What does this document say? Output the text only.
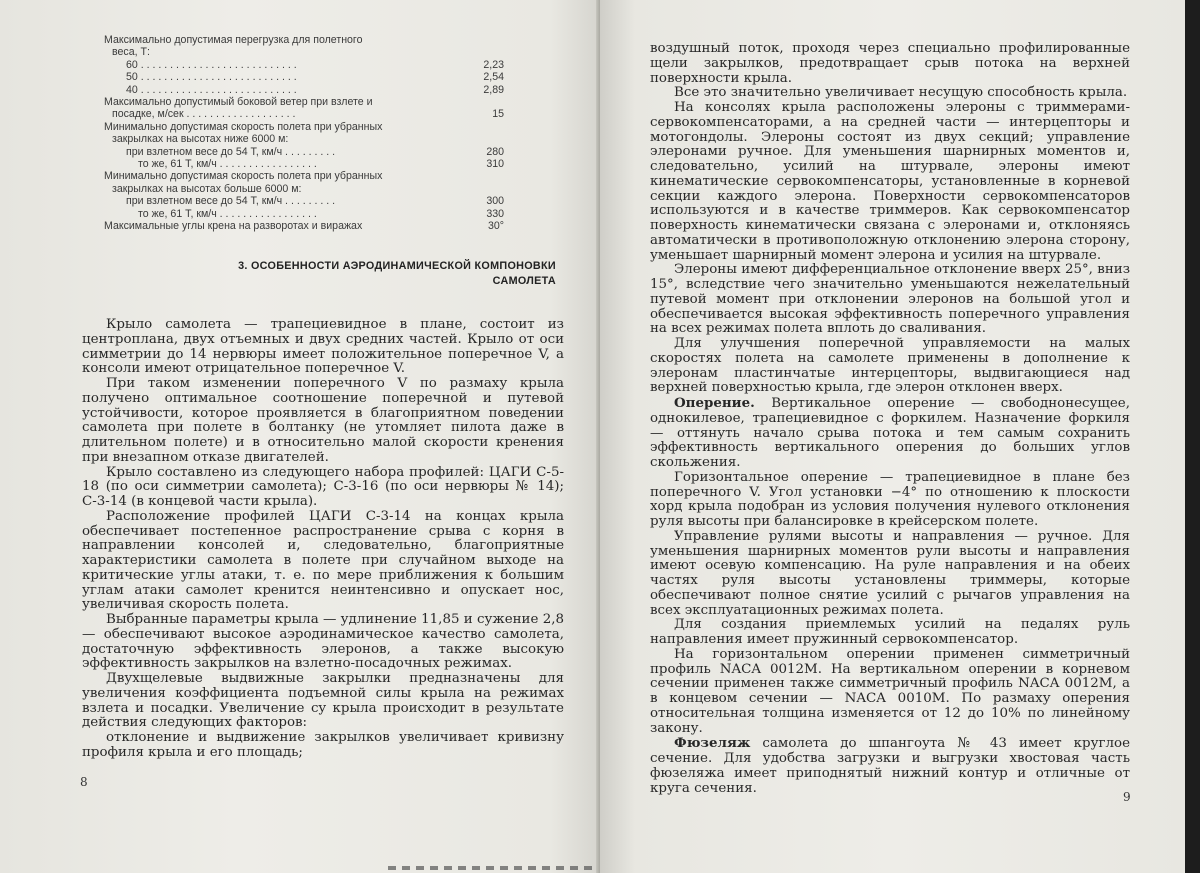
Максимально допустимая перегрузка для полетного
веса, Т:
60 . . . . . . . . . . . . . . . . . . . . . . . . . . .	2,23
50 . . . . . . . . . . . . . . . . . . . . . . . . . . .	2,54
40 . . . . . . . . . . . . . . . . . . . . . . . . . . .	2,89
Максимально допустимый боковой ветер при взлете и
посадке, м/сек . . . . . . . . . . . . . . . . . . .	15
Минимально допустимая скорость полета при убранных
закрылках на высотах ниже 6000 м:
при взлетном весе до 54 Т, км/ч . . . . . . . . .	280
то же, 61 Т, км/ч . . . . . . . . . . . . . . . . .	310
Минимально допустимая скорость полета при убранных
закрылках на высотах больше 6000 м:
при взлетном весе до 54 Т, км/ч . . . . . . . . .	300
то же, 61 Т, км/ч . . . . . . . . . . . . . . . . .	330
Максимальные углы крена на разворотах и виражах	30°
3. ОСОБЕННОСТИ АЭРОДИНАМИЧЕСКОЙ КОМПОНОВКИ
САМОЛЕТА

Крыло самолета — трапециевидное в плане, состоит из центроплана, двух отъемных и двух средних частей. Крыло от оси симметрии до 14 нервюры имеет положительное поперечное V, а консоли имеют отрицательное поперечное V.

При таком изменении поперечного V по размаху крыла получено оптимальное соотношение поперечной и путевой устойчивости, которое проявляется в благоприятном поведении самолета при полете в болтанку (не утомляет пилота даже в длительном полете) и в относительно малой скорости кренения при внезапном отказе двигателей.

Крыло составлено из следующего набора профилей: ЦАГИ С-5-18 (по оси симметрии самолета); С-3-16 (по оси нервюры № 14); С-3-14 (в концевой части крыла).

Расположение профилей ЦАГИ С-3-14 на концах крыла обеспечивает постепенное распространение срыва с корня в направлении консолей и, следовательно, благоприятные характеристики самолета в полете при случайном выходе на критические углы атаки, т. е. по мере приближения к большим углам атаки самолет кренится неинтенсивно и опускает нос, увеличивая скорость полета.

Выбранные параметры крыла — удлинение 11,85 и сужение 2,8 — обеспечивают высокое аэродинамическое качество самолета, достаточную эффективность элеронов, а также высокую эффективность закрылков на взлетно-посадочных режимах.

Двухщелевые выдвижные закрылки предназначены для увеличения коэффициента подъемной силы крыла на режимах взлета и посадки. Увеличение cy крыла происходит в результате действия следующих факторов:

отклонение и выдвижение закрылков увеличивает кривизну профиля крыла и его площадь;

8

воздушный поток, проходя через специально профилированные щели закрылков, предотвращает срыв потока на верхней поверхности крыла.

Все это значительно увеличивает несущую способность крыла.

На консолях крыла расположены элероны с триммерами-сервокомпенсаторами, а на средней части — интерцепторы и мотогондолы. Элероны состоят из двух секций; управление элеронами ручное. Для уменьшения шарнирных моментов и, следовательно, усилий на штурвале, элероны имеют кинематические сервокомпенсаторы, установленные в корневой секции каждого элерона. Поверхности сервокомпенсаторов используются и в качестве триммеров. Как сервокомпенсатор поверхность кинематически связана с элеронами и, отклоняясь автоматически в противоположную отклонению элерона сторону, уменьшает шарнирный момент элерона и усилия на штурвале.

Элероны имеют дифференциальное отклонение вверх 25°, вниз 15°, вследствие чего значительно уменьшаются нежелательный путевой момент при отклонении элеронов на большой угол и обеспечивается высокая эффективность поперечного управления на всех режимах полета вплоть до сваливания.

Для улучшения поперечной управляемости на малых скоростях полета на самолете применены в дополнение к элеронам пластинчатые интерцепторы, выдвигающиеся над верхней поверхностью крыла, где элерон отклонен вверх.

Оперение. Вертикальное оперение — свободнонесущее, однокилевое, трапециевидное с форкилем. Назначение форкиля — оттянуть начало срыва потока и тем самым сохранить эффективность вертикального оперения до больших углов скольжения.

Горизонтальное оперение — трапециевидное в плане без поперечного V. Угол установки −4° по отношению к плоскости хорд крыла подобран из условия получения нулевого отклонения руля высоты при балансировке в крейсерском полете.

Управление рулями высоты и направления — ручное. Для уменьшения шарнирных моментов рули высоты и направления имеют осевую компенсацию. На руле направления и на обеих частях руля высоты установлены триммеры, которые обеспечивают полное снятие усилий с рычагов управления на всех эксплуатационных режимах полета.

Для создания приемлемых усилий на педалях руль направления имеет пружинный сервокомпенсатор.

На горизонтальном оперении применен симметричный профиль NACA 0012M. На вертикальном оперении в корневом сечении применен также симметричный профиль NACA 0012M, а в концевом сечении — NACA 0010M. По размаху оперения относительная толщина изменяется от 12 до 10% по линейному закону.

Фюзеляж самолета до шпангоута № 43 имеет круглое сечение. Для удобства загрузки и выгрузки хвостовая часть фюзеляжа имеет приподнятый нижний контур и отличные от круга сечения.

9
